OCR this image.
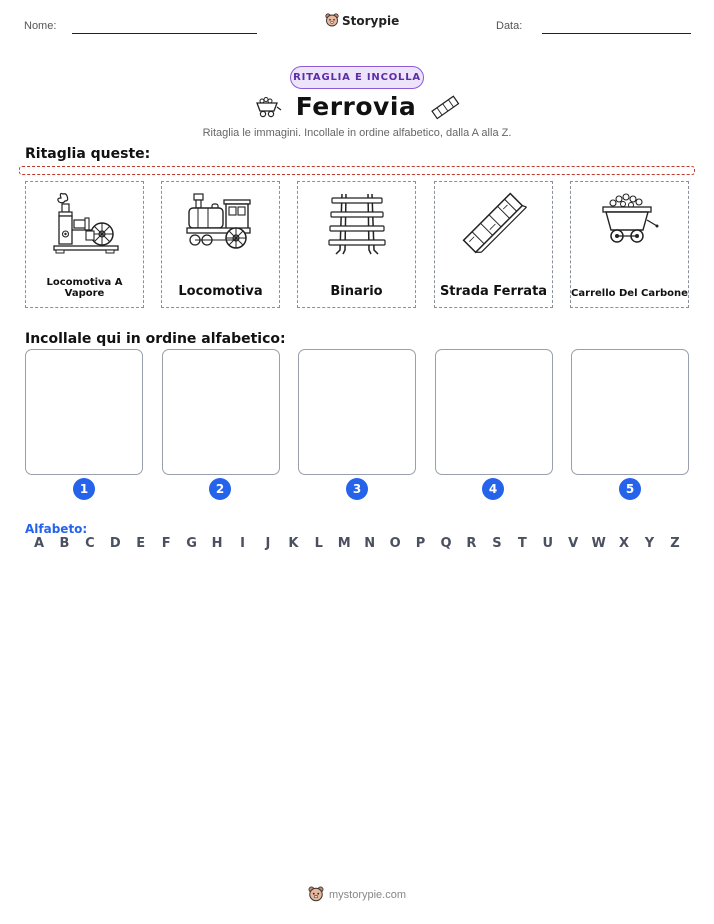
Nome:	Storypie	Data:
RITAGLIA E INCOLLA
Ferrovia
Ritaglia le immagini. Incollale in ordine alfabetico, dalla A alla Z.
Ritaglia queste:
Locomotiva A Vapore	Locomotiva	Binario	Strada Ferrata	Carrello Del Carbone
Incollale qui in ordine alfabetico:
1	2	3	4	5
Alfabeto:
A B C D E F G H	I	J	K L M N O P Q R S T U V W X Y Z
mystorypie.com
